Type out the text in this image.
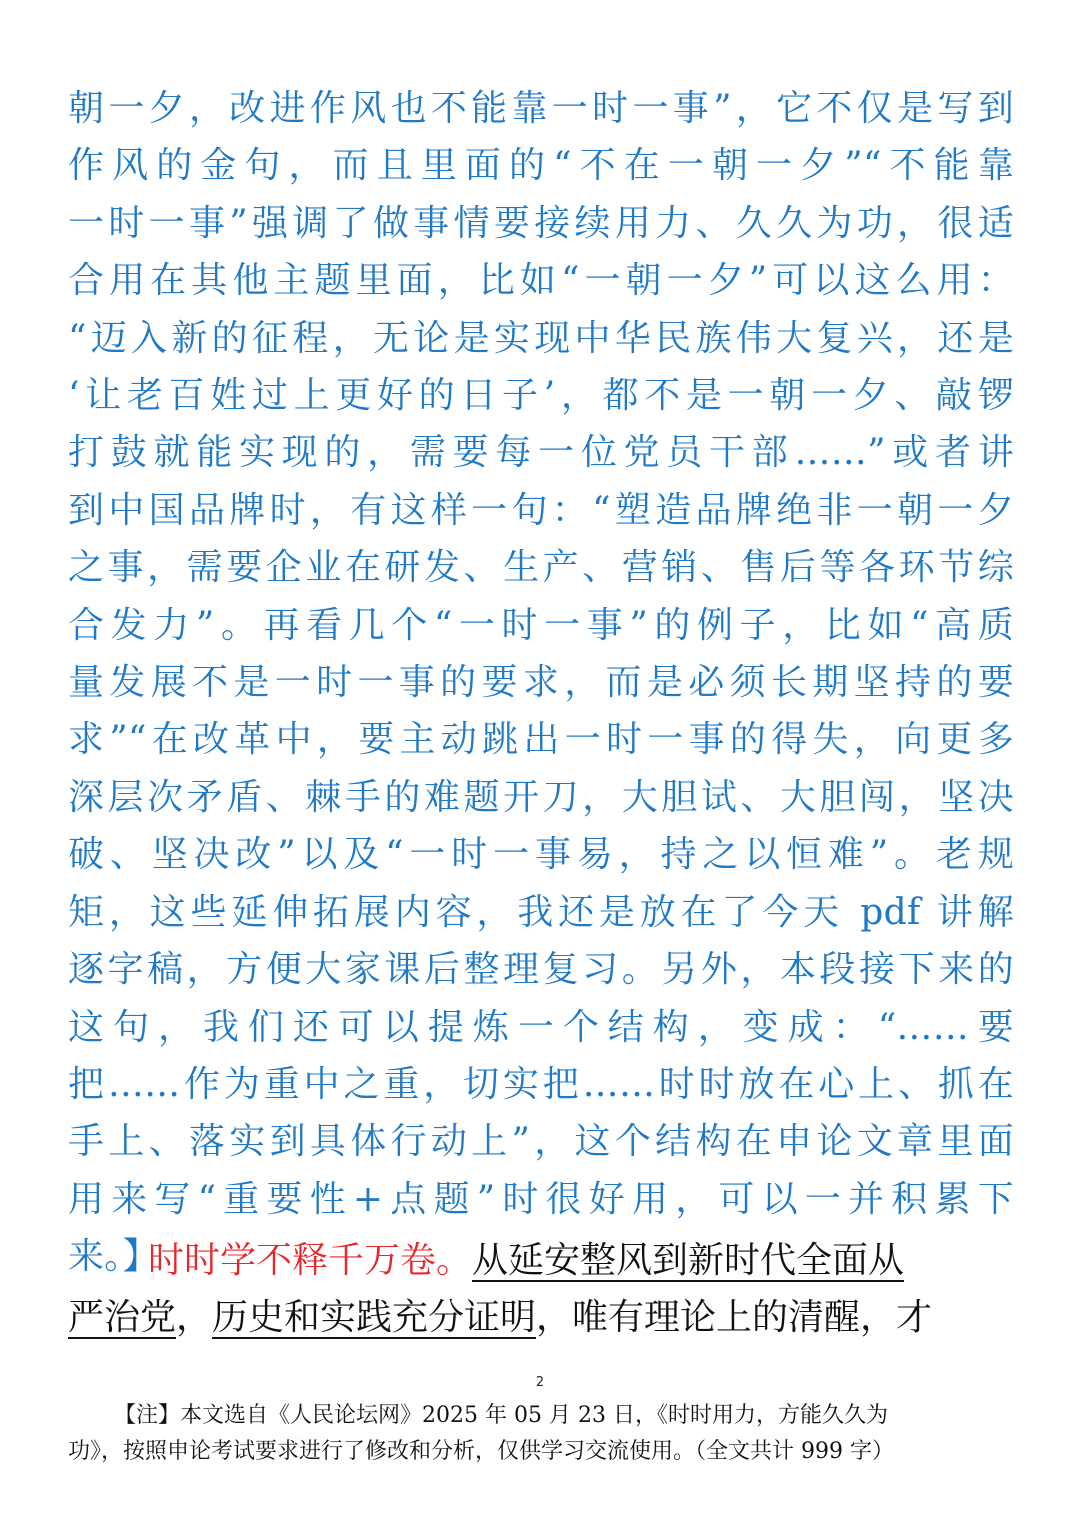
朝一夕，改进作风也不能靠一时一事”，它不仅是写到
作风的金句，而且里面的“不在一朝一夕”“不能靠
一时一事”强调了做事情要接续用力、久久为功，很适
合用在其他主题里面，比如“一朝一夕”可以这么用：
“迈入新的征程，无论是实现中华民族伟大复兴，还是
‘让老百姓过上更好的日子’，都不是一朝一夕、敲锣
打鼓就能实现的，需要每一位党员干部……”或者讲
到中国品牌时，有这样一句：“塑造品牌绝非一朝一夕
之事，需要企业在研发、生产、营销、售后等各环节综
合发力”。再看几个“一时一事”的例子，比如“高质
量发展不是一时一事的要求，而是必须长期坚持的要
求”“在改革中，要主动跳出一时一事的得失，向更多
深层次矛盾、棘手的难题开刀，大胆试、大胆闯，坚决
破、坚决改”以及“一时一事易，持之以恒难”。老规
矩，这些延伸拓展内容，我还是放在了今天 pdf 讲解
逐字稿，方便大家课后整理复习。另外，本段接下来的
这句，我们还可以提炼一个结构，变成：“……要
把……作为重中之重，切实把……时时放在心上、抓在
手上、落实到具体行动上”，这个结构在申论文章里面
用来写“重要性+点题”时很好用，可以一并积累下
来。】
时时学不释千万卷。从延安整风到新时代全面从
严治党，历史和实践充分证明，唯有理论上的清醒，才
2
【注】本文选自《人民论坛网》2025 年 05 月 23 日，《时时用力，方能久久为
功》，按照申论考试要求进行了修改和分析，仅供学习交流使用。（全文共计 999 字）
